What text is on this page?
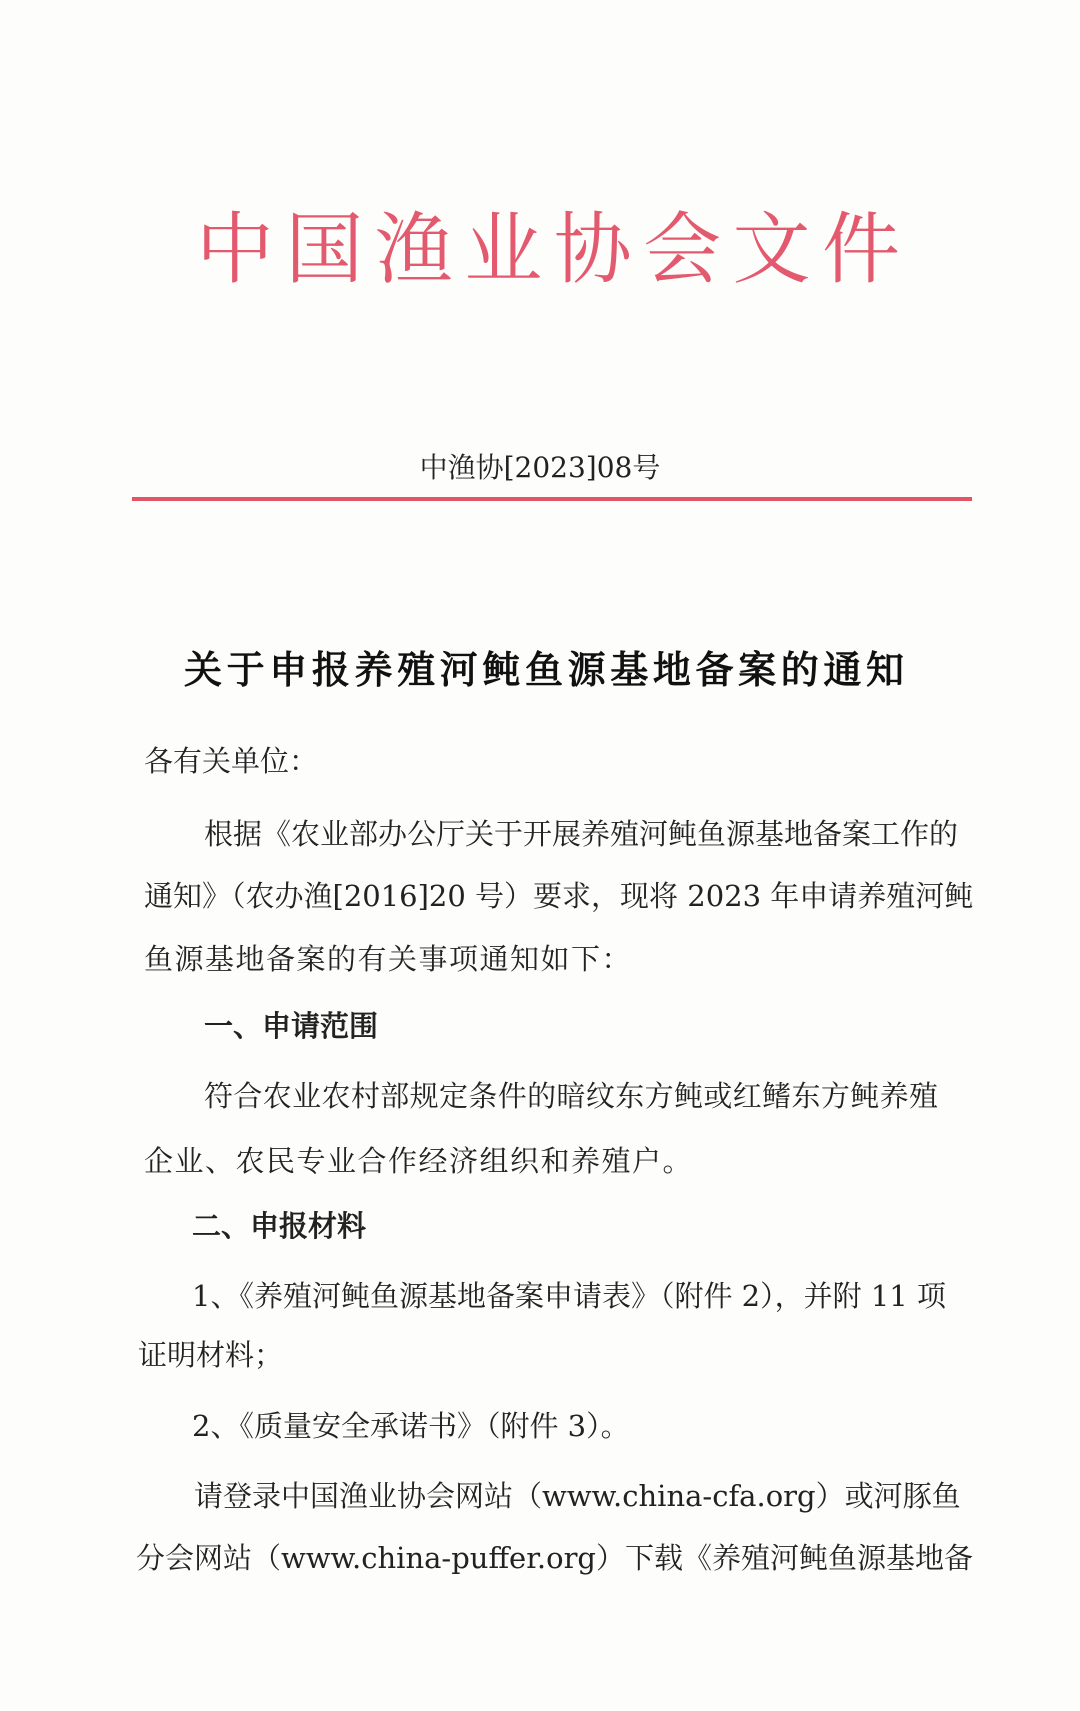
中国渔业协会文件
中渔协[2023]08号
关于申报养殖河鲀鱼源基地备案的通知
各有关单位：
根据《农业部办公厅关于开展养殖河鲀鱼源基地备案工作的
通知》（农办渔[2016]20 号）要求，现将 2023 年申请养殖河鲀
鱼源基地备案的有关事项通知如下：
一、申请范围
符合农业农村部规定条件的暗纹东方鲀或红鳍东方鲀养殖
企业、农民专业合作经济组织和养殖户。
二、申报材料
1、《养殖河鲀鱼源基地备案申请表》（附件 2），并附 11 项
证明材料；
2、《质量安全承诺书》（附件 3）。
请登录中国渔业协会网站（www.china-cfa.org）或河豚鱼
分会网站（www.china-puffer.org）下载《养殖河鲀鱼源基地备
